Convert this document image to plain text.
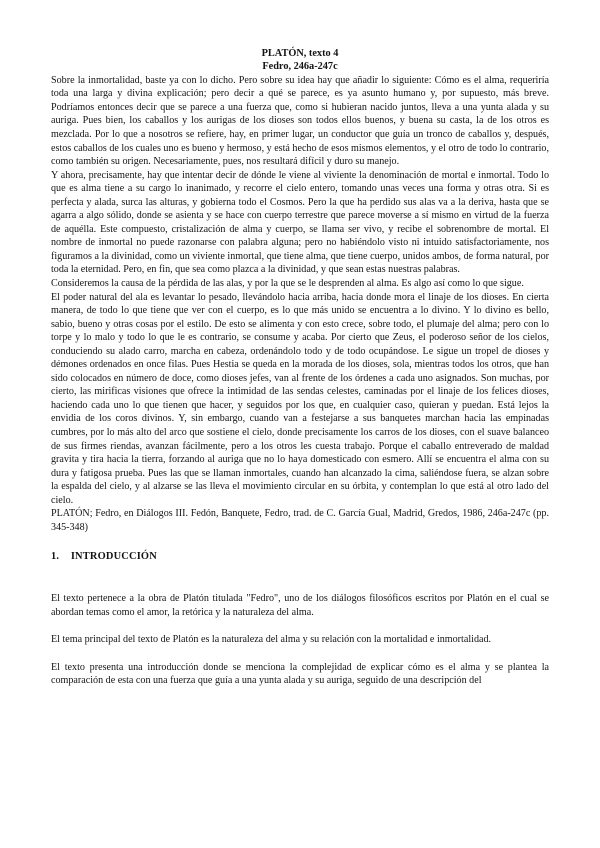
PLATÓN, texto 4

Fedro, 246a-247c

Sobre la inmortalidad, baste ya con lo dicho. Pero sobre su idea hay que añadir lo siguiente: Cómo es el alma, requeriría toda una larga y divina explicación; pero decir a qué se parece, es ya asunto humano y, por supuesto, más breve. Podríamos entonces decir que se parece a una fuerza que, como si hubieran nacido juntos, lleva a una yunta alada y su auriga. Pues bien, los caballos y los aurigas de los dioses son todos ellos buenos, y buena su casta, la de los otros es mezclada. Por lo que a nosotros se refiere, hay, en primer lugar, un conductor que guía un tronco de caballos y, después, estos caballos de los cuales uno es bueno y hermoso, y está hecho de esos mismos elementos, y el otro de todo lo contrario, como también su origen. Necesariamente, pues, nos resultará difícil y duro su manejo.

Y ahora, precisamente, hay que intentar decir de dónde le viene al viviente la denominación de mortal e inmortal. Todo lo que es alma tiene a su cargo lo inanimado, y recorre el cielo entero, tomando unas veces una forma y otras otra. Si es perfecta y alada, surca las alturas, y gobierna todo el Cosmos. Pero la que ha perdido sus alas va a la deriva, hasta que se agarra a algo sólido, donde se asienta y se hace con cuerpo terrestre que parece moverse a sí mismo en virtud de la fuerza de aquélla. Este compuesto, cristalización de alma y cuerpo, se llama ser vivo, y recibe el sobrenombre de mortal. El nombre de inmortal no puede razonarse con palabra alguna; pero no habiéndolo visto ni intuido satisfactoriamente, nos figuramos a la divinidad, como un viviente inmortal, que tiene alma, que tiene cuerpo, unidos ambos, de forma natural, por toda la eternidad. Pero, en fin, que sea como plazca a la divinidad, y que sean estas nuestras palabras.

Consideremos la causa de la pérdida de las alas, y por la que se le desprenden al alma. Es algo así como lo que sigue.

El poder natural del ala es levantar lo pesado, llevándolo hacia arriba, hacia donde mora el linaje de los dioses. En cierta manera, de todo lo que tiene que ver con el cuerpo, es lo que más unido se encuentra a lo divino. Y lo divino es bello, sabio, bueno y otras cosas por el estilo. De esto se alimenta y con esto crece, sobre todo, el plumaje del alma; pero con lo torpe y lo malo y todo lo que le es contrario, se consume y acaba. Por cierto que Zeus, el poderoso señor de los cielos, conduciendo su alado carro, marcha en cabeza, ordenándolo todo y de todo ocupándose. Le sigue un tropel de dioses y démones ordenados en once filas. Pues Hestia se queda en la morada de los dioses, sola, mientras todos los otros, que han sido colocados en número de doce, como dioses jefes, van al frente de los órdenes a cada uno asignados. Son muchas, por cierto, las mirificas visiones que ofrece la intimidad de las sendas celestes, caminadas por el linaje de los felices dioses, haciendo cada uno lo que tienen que hacer, y seguidos por los que, en cualquier caso, quieran y puedan. Está lejos la envidia de los coros divinos. Y, sin embargo, cuando van a festejarse a sus banquetes marchan hacia las empinadas cumbres, por lo más alto del arco que sostiene el cielo, donde precisamente los carros de los dioses, con el suave balanceo de sus firmes riendas, avanzan fácilmente, pero a los otros les cuesta trabajo. Porque el caballo entreverado de maldad gravita y tira hacia la tierra, forzando al auriga que no lo haya domesticado con esmero. Allí se encuentra el alma con su dura y fatigosa prueba. Pues las que se llaman inmortales, cuando han alcanzado la cima, saliéndose fuera, se alzan sobre la espalda del cielo, y al alzarse se las lleva el movimiento circular en su órbita, y contemplan lo que está al otro lado del cielo.

PLATÓN; Fedro, en Diálogos III. Fedón, Banquete, Fedro, trad. de C. García Gual, Madrid, Gredos, 1986, 246a-247c (pp. 345-348)

1. INTRODUCCIÓN

El texto pertenece a la obra de Platón titulada "Fedro", uno de los diálogos filosóficos escritos por Platón en el cual se abordan temas como el amor, la retórica y la naturaleza del alma.

El tema principal del texto de Platón es la naturaleza del alma y su relación con la mortalidad e inmortalidad.

El texto presenta una introducción donde se menciona la complejidad de explicar cómo es el alma y se plantea la comparación de esta con una fuerza que guía a una yunta alada y su auriga, seguido de una descripción del
